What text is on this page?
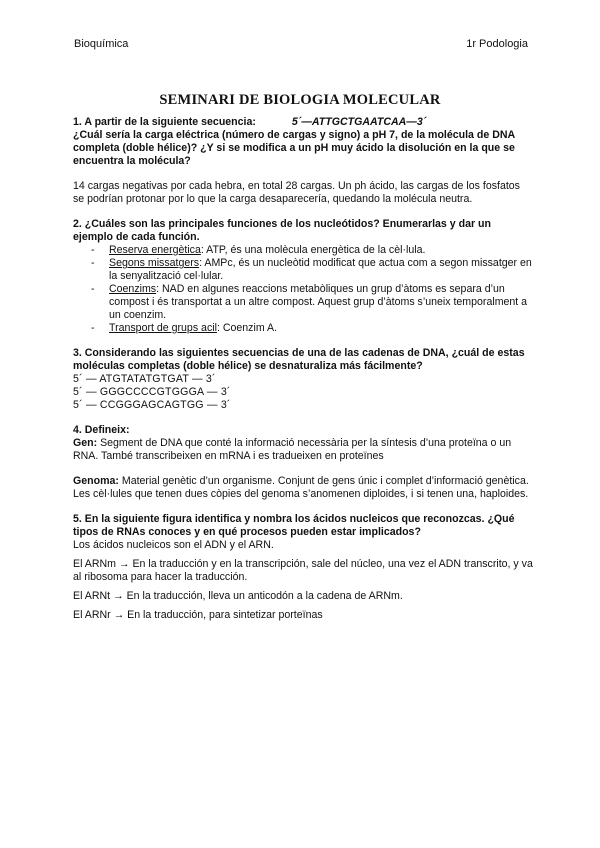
Bioquímica	1r Podologia
SEMINARI DE BIOLOGIA MOLECULAR

1. A partir de la siguiente secuencia:	5´—ATTGCTGAATCAA—3´

¿Cuál sería la carga eléctrica (número de cargas y signo) a pH 7, de la molécula de DNA completa (doble hélice)? ¿Y si se modifica a un pH muy ácido la disolución en la que se encuentra la molécula?

14 cargas negativas por cada hebra, en total 28 cargas. Un ph ácido, las cargas de los fosfatos se podrían protonar por lo que la carga desaparecería, quedando la molécula neutra.

2. ¿Cuáles son las principales funciones de los nucleótidos? Enumerarlas y dar un ejemplo de cada función.

- Reserva energètica: ATP, és una molècula energètica de la cèl·lula.
- Segons missatgers: AMPc, és un nucleòtid modificat que actua com a segon missatger en la senyalització cel·lular.
- Coenzims: NAD en algunes reaccions metabòliques un grup d’àtoms es separa d’un compost i és transportat a un altre compost. Aquest grup d’àtoms s’uneix temporalment a un coenzim.
- Transport de grups acil: Coenzim A.

3. Considerando las siguientes secuencias de una de las cadenas de DNA, ¿cuál de estas moléculas completas (doble hélice) se desnaturaliza más fácilmente?

5´ — ATGTATATGTGAT — 3´

5´ — GGGCCCCGTGGGA — 3´

5´ — CCGGGAGCAGTGG — 3´

4. Defineix:

Gen: Segment de DNA que conté la informació necessària per la síntesis d’una proteïna o un RNA. També transcribeixen en mRNA i es tradueixen en proteïnes

Genoma: Material genètic d’un organisme. Conjunt de gens únic i complet d’informació genètica. Les cèl·lules que tenen dues còpies del genoma s’anomenen diploides, i si tenen una, haploides.

5. En la siguiente figura identifica y nombra los ácidos nucleicos que reconozcas. ¿Qué tipos de RNAs conoces y en qué procesos pueden estar implicados?

Los ácidos nucleicos son el ADN y el ARN.

El ARNm → En la traducción y en la transcripción, sale del núcleo, una vez el ADN transcrito, y va al ribosoma para hacer la traducción.

El ARNt → En la traducción, lleva un anticodón a la cadena de ARNm.

El ARNr → En la traducción, para sintetizar porteïnas
